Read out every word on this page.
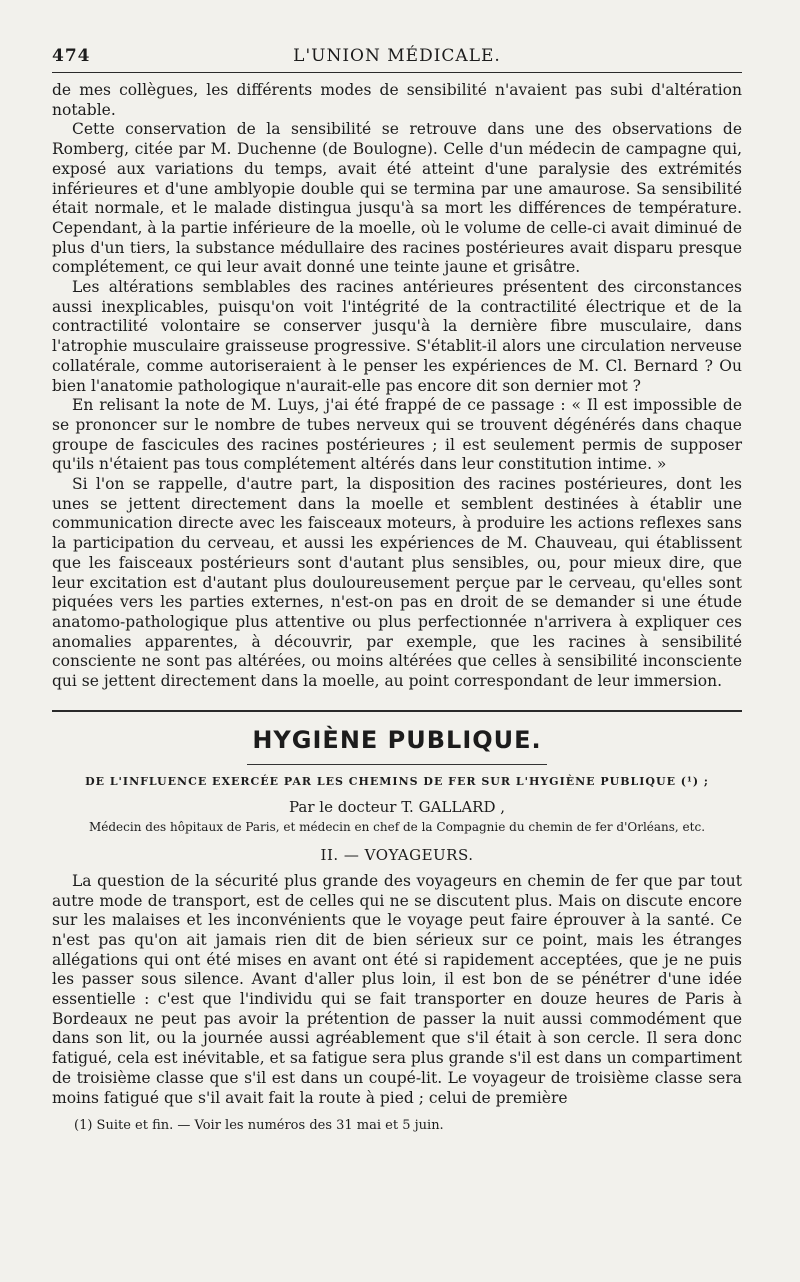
474	L'UNION MÉDICALE.

de mes collègues, les différents modes de sensibilité n'avaient pas subi d'altération notable.

Cette conservation de la sensibilité se retrouve dans une des observations de Romberg, citée par M. Duchenne (de Boulogne). Celle d'un médecin de campagne qui, exposé aux variations du temps, avait été atteint d'une paralysie des extrémités inférieures et d'une amblyopie double qui se termina par une amaurose. Sa sensibilité était normale, et le malade distingua jusqu'à sa mort les différences de température. Cependant, à la partie inférieure de la moelle, où le volume de celle-ci avait diminué de plus d'un tiers, la substance médullaire des racines postérieures avait disparu presque complétement, ce qui leur avait donné une teinte jaune et grisâtre.

Les altérations semblables des racines antérieures présentent des circonstances aussi inexplicables, puisqu'on voit l'intégrité de la contractilité électrique et de la contractilité volontaire se conserver jusqu'à la dernière fibre musculaire, dans l'atrophie musculaire graisseuse progressive. S'établit-il alors une circulation nerveuse collatérale, comme autoriseraient à le penser les expériences de M. Cl. Bernard ? Ou bien l'anatomie pathologique n'aurait-elle pas encore dit son dernier mot ?

En relisant la note de M. Luys, j'ai été frappé de ce passage : « Il est impossible de se prononcer sur le nombre de tubes nerveux qui se trouvent dégénérés dans chaque groupe de fascicules des racines postérieures ; il est seulement permis de supposer qu'ils n'étaient pas tous complétement altérés dans leur constitution intime. »

Si l'on se rappelle, d'autre part, la disposition des racines postérieures, dont les unes se jettent directement dans la moelle et semblent destinées à établir une communication directe avec les faisceaux moteurs, à produire les actions reflexes sans la participation du cerveau, et aussi les expériences de M. Chauveau, qui établissent que les faisceaux postérieurs sont d'autant plus sensibles, ou, pour mieux dire, que leur excitation est d'autant plus douloureusement perçue par le cerveau, qu'elles sont piquées vers les parties externes, n'est-on pas en droit de se demander si une étude anatomo-pathologique plus attentive ou plus perfectionnée n'arrivera à expliquer ces anomalies apparentes, à découvrir, par exemple, que les racines à sensibilité consciente ne sont pas altérées, ou moins altérées que celles à sensibilité inconsciente qui se jettent directement dans la moelle, au point correspondant de leur immersion.

HYGIÈNE PUBLIQUE.
DE L'INFLUENCE EXERCÉE PAR LES CHEMINS DE FER SUR L'HYGIÈNE PUBLIQUE (¹) ;
Par le docteur T. GALLARD ,
Médecin des hôpitaux de Paris, et médecin en chef de la Compagnie du chemin de fer d'Orléans, etc.
II. — VOYAGEURS.

La question de la sécurité plus grande des voyageurs en chemin de fer que par tout autre mode de transport, est de celles qui ne se discutent plus. Mais on discute encore sur les malaises et les inconvénients que le voyage peut faire éprouver à la santé. Ce n'est pas qu'on ait jamais rien dit de bien sérieux sur ce point, mais les étranges allégations qui ont été mises en avant ont été si rapidement acceptées, que je ne puis les passer sous silence. Avant d'aller plus loin, il est bon de se pénétrer d'une idée essentielle : c'est que l'individu qui se fait transporter en douze heures de Paris à Bordeaux ne peut pas avoir la prétention de passer la nuit aussi commodément que dans son lit, ou la journée aussi agréablement que s'il était à son cercle. Il sera donc fatigué, cela est inévitable, et sa fatigue sera plus grande s'il est dans un compartiment de troisième classe que s'il est dans un coupé-lit. Le voyageur de troisième classe sera moins fatigué que s'il avait fait la route à pied ; celui de première

(1) Suite et fin. — Voir les numéros des 31 mai et 5 juin.
